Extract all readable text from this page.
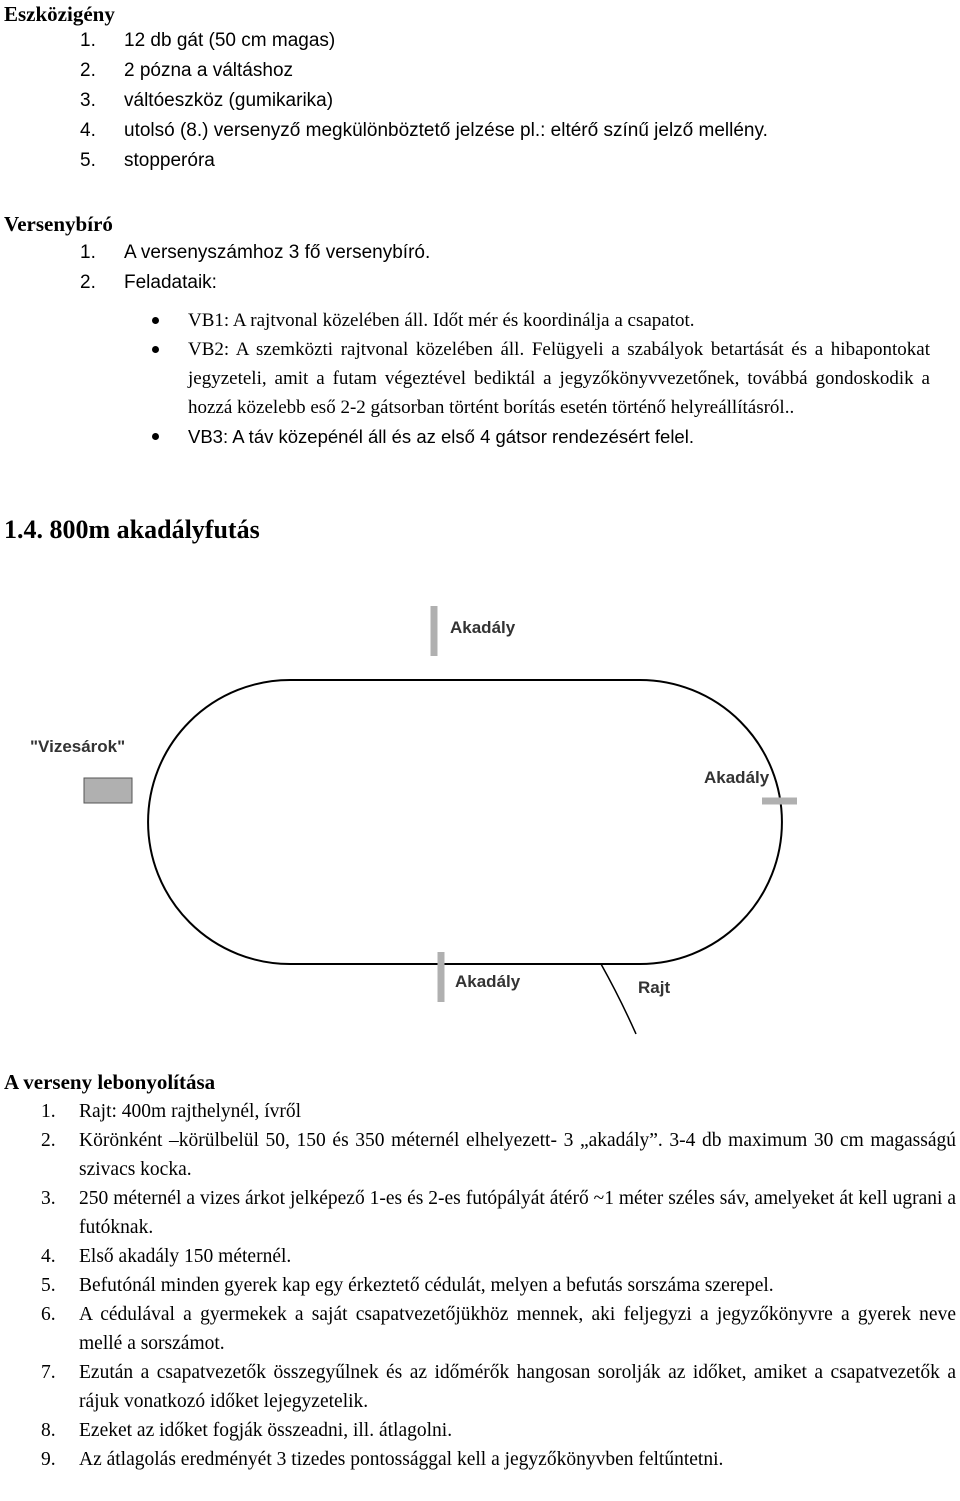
Eszközigény
1. 12 db gát (50 cm magas)
2. 2 pózna a váltáshoz
3. váltóeszköz (gumikarika)
4. utolsó (8.) versenyző megkülönböztető jelzése pl.: eltérő színű jelző mellény.
5. stopperóra
Versenybíró
1. A versenyszámhoz 3 fő versenybíró.
2. Feladataik:
VB1: A rajtvonal közelében áll. Időt mér és koordinálja a csapatot.
VB2: A szemközti rajtvonal közelében áll. Felügyeli a szabályok betartását és a hibapontokat jegyzeteli, amit a futam végeztével bediktál a jegyzőkönyvvezetőnek, továbbá gondoskodik a hozzá közelebb eső 2-2 gátsorban történt borítás esetén történő helyreállításról..
VB3: A táv közepénél áll és az első 4 gátsor rendezésért felel.
1.4. 800m akadályfutás
Akadály
"Vizesárok"
Akadály
Akadály	Rajt
A verseny lebonyolítása
1. Rajt: 400m rajthelynél, ívről
2. Körönként –körülbelül 50, 150 és 350 méternél elhelyezett- 3 „akadály”. 3-4 db maximum 30 cm magasságú szivacs kocka.
3. 250 méternél a vizes árkot jelképező 1-es és 2-es futópályát átérő ~1 méter széles sáv, amelyeket át kell ugrani a futóknak.
4. Első akadály 150 méternél.
5. Befutónál minden gyerek kap egy érkeztető cédulát, melyen a befutás sorszáma szerepel.
6. A cédulával a gyermekek a saját csapatvezetőjükhöz mennek, aki feljegyzi a jegyzőkönyvre a gyerek neve mellé a sorszámot.
7. Ezután a csapatvezetők összegyűlnek és az időmérők hangosan sorolják az időket, amiket a csapatvezetők a rájuk vonatkozó időket lejegyzetelik.
8. Ezeket az időket fogják összeadni, ill. átlagolni.
9. Az átlagolás eredményét 3 tizedes pontossággal kell a jegyzőkönyvben feltűntetni.
